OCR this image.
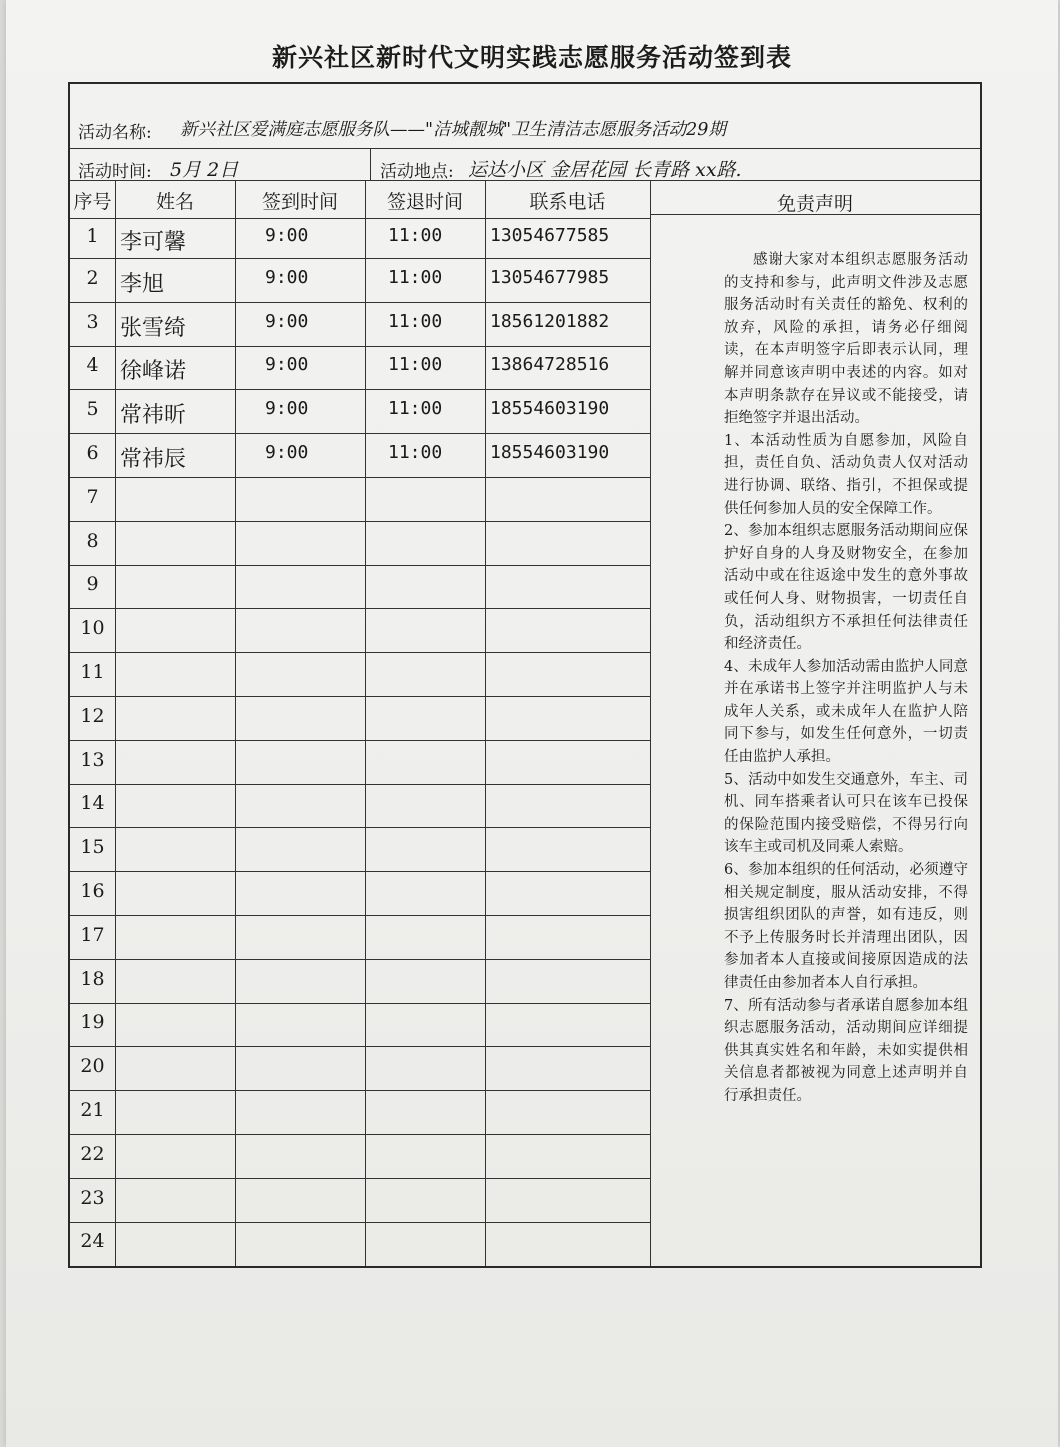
新兴社区新时代文明实践志愿服务活动签到表
活动名称: 新兴社区爱满庭志愿服务队——"洁城靓城"卫生清洁志愿服务活动29期
活动时间: 5月 2日	活动地点: 运达小区 金居花园 长青路 xx路.
序号	姓名	签到时间	签退时间	联系电话	免责声明
1 李可馨	9:00	11:00	13054677585
2 李旭	9:00	11:00	13054677985
3 张雪绮	9:00	11:00	18561201882
4 徐峰诺	9:00	11:00	13864728516
5 常祎昕	9:00	11:00	18554603190
6 常祎辰	9:00	11:00	18554603190
7
8
9
10
11
12
13
14
15
16
17
18
19
20
21
22
23
24

感谢大家对本组织志愿服务活动的支持和参与，此声明文件涉及志愿服务活动时有关责任的豁免、权利的放弃，风险的承担，请务必仔细阅读，在本声明签字后即表示认同，理解并同意该声明中表述的内容。如对本声明条款存在异议或不能接受，请拒绝签字并退出活动。

1、本活动性质为自愿参加，风险自担，责任自负、活动负责人仅对活动进行协调、联络、指引，不担保或提供任何参加人员的安全保障工作。

2、参加本组织志愿服务活动期间应保护好自身的人身及财物安全，在参加活动中或在往返途中发生的意外事故或任何人身、财物损害，一切责任自负，活动组织方不承担任何法律责任和经济责任。

4、未成年人参加活动需由监护人同意并在承诺书上签字并注明监护人与未成年人关系，或未成年人在监护人陪同下参与，如发生任何意外，一切责任由监护人承担。

5、活动中如发生交通意外，车主、司机、同车搭乘者认可只在该车已投保的保险范围内接受赔偿，不得另行向该车主或司机及同乘人索赔。

6、参加本组织的任何活动，必须遵守相关规定制度，服从活动安排，不得损害组织团队的声誉，如有违反，则不予上传服务时长并清理出团队，因参加者本人直接或间接原因造成的法律责任由参加者本人自行承担。

7、所有活动参与者承诺自愿参加本组织志愿服务活动，活动期间应详细提供其真实姓名和年龄，未如实提供相关信息者都被视为同意上述声明并自行承担责任。
